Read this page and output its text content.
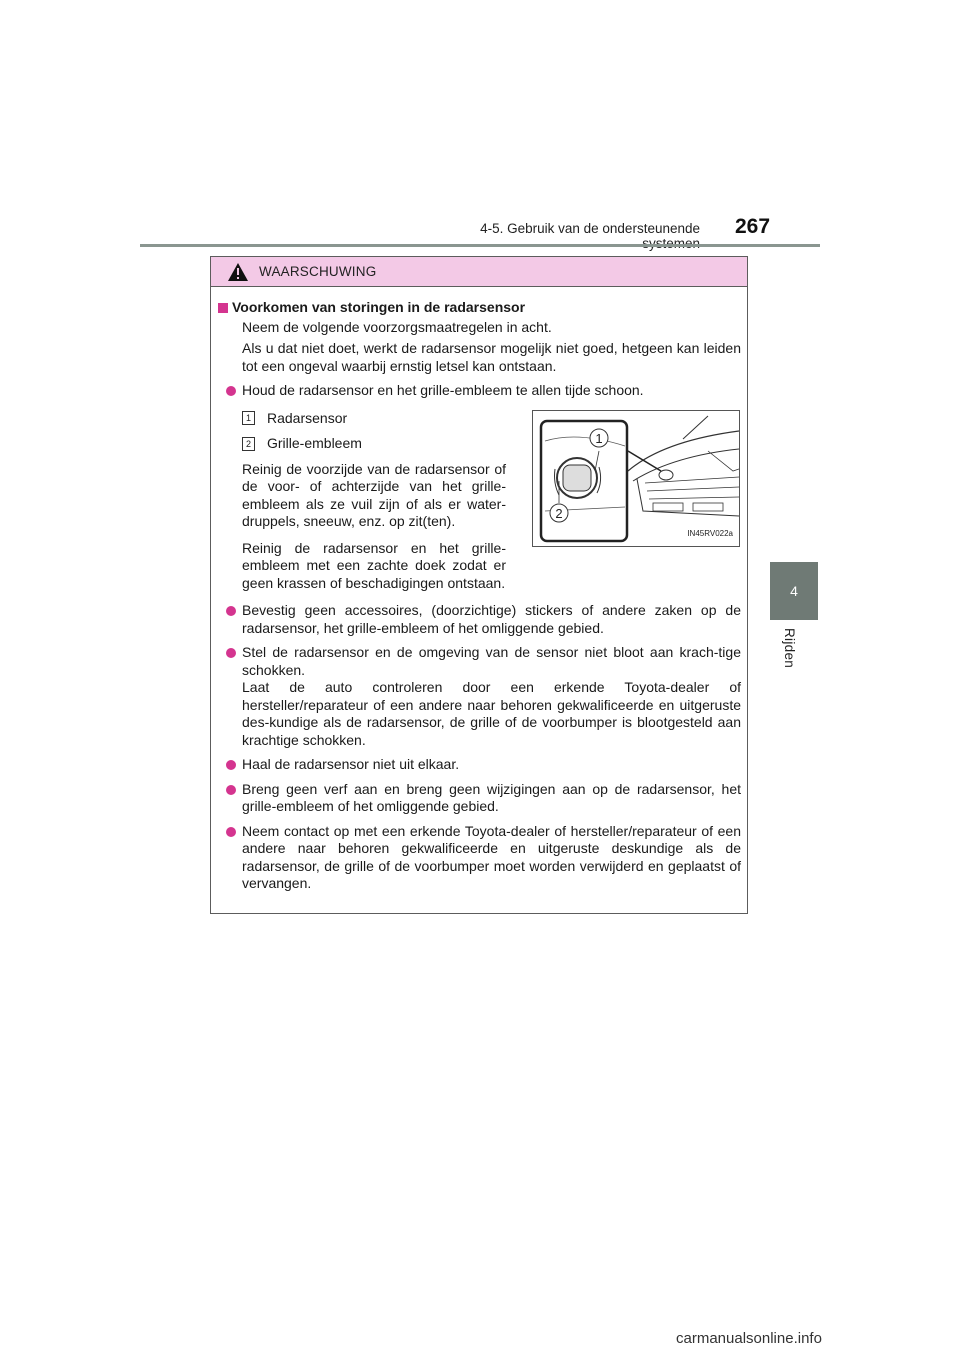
4-5. Gebruik van de ondersteunende 267
4
Rijden
WAARSCHUWING
Voorkomen van storingen in de radarsensor
Neem de volgende voorzorgsmaatregelen in acht.
Als u dat niet doet, werkt de radarsensor mogelijk niet goed, hetgeen kan leiden tot een ongeval waarbij ernstig letsel kan ontstaan.
Houd de radarsensor en het grille-embleem te allen tijde schoon.
1 Radarsensor
2 Grille-embleem
Reinig de voorzijde van de radarsensor of de voor- of achterzijde van het grille-embleem als ze vuil zijn of als er water-druppels, sneeuw, enz. op zit(ten).
Reinig de radarsensor en het grille-embleem met een zachte doek zodat er geen krassen of beschadigingen ontstaan.
1
2
IN45RV022a
Bevestig geen accessoires, (doorzichtige) stickers of andere zaken op de radarsensor, het grille-embleem of het omliggende gebied.
Stel de radarsensor en de omgeving van de sensor niet bloot aan krach-tige schokken.
Laat de auto controleren door een erkende Toyota-dealer of hersteller/reparateur of een andere naar behoren gekwalificeerde en uitgeruste des-kundige als de radarsensor, de grille of de voorbumper is blootgesteld aan krachtige schokken.
Haal de radarsensor niet uit elkaar.
Breng geen verf aan en breng geen wijzigingen aan op de radarsensor, het grille-embleem of het omliggende gebied.
Neem contact op met een erkende Toyota-dealer of hersteller/reparateur of een andere naar behoren gekwalificeerde en uitgeruste deskundige als de radarsensor, de grille of de voorbumper moet worden verwijderd en geplaatst of vervangen.
carmanualsonline.info
